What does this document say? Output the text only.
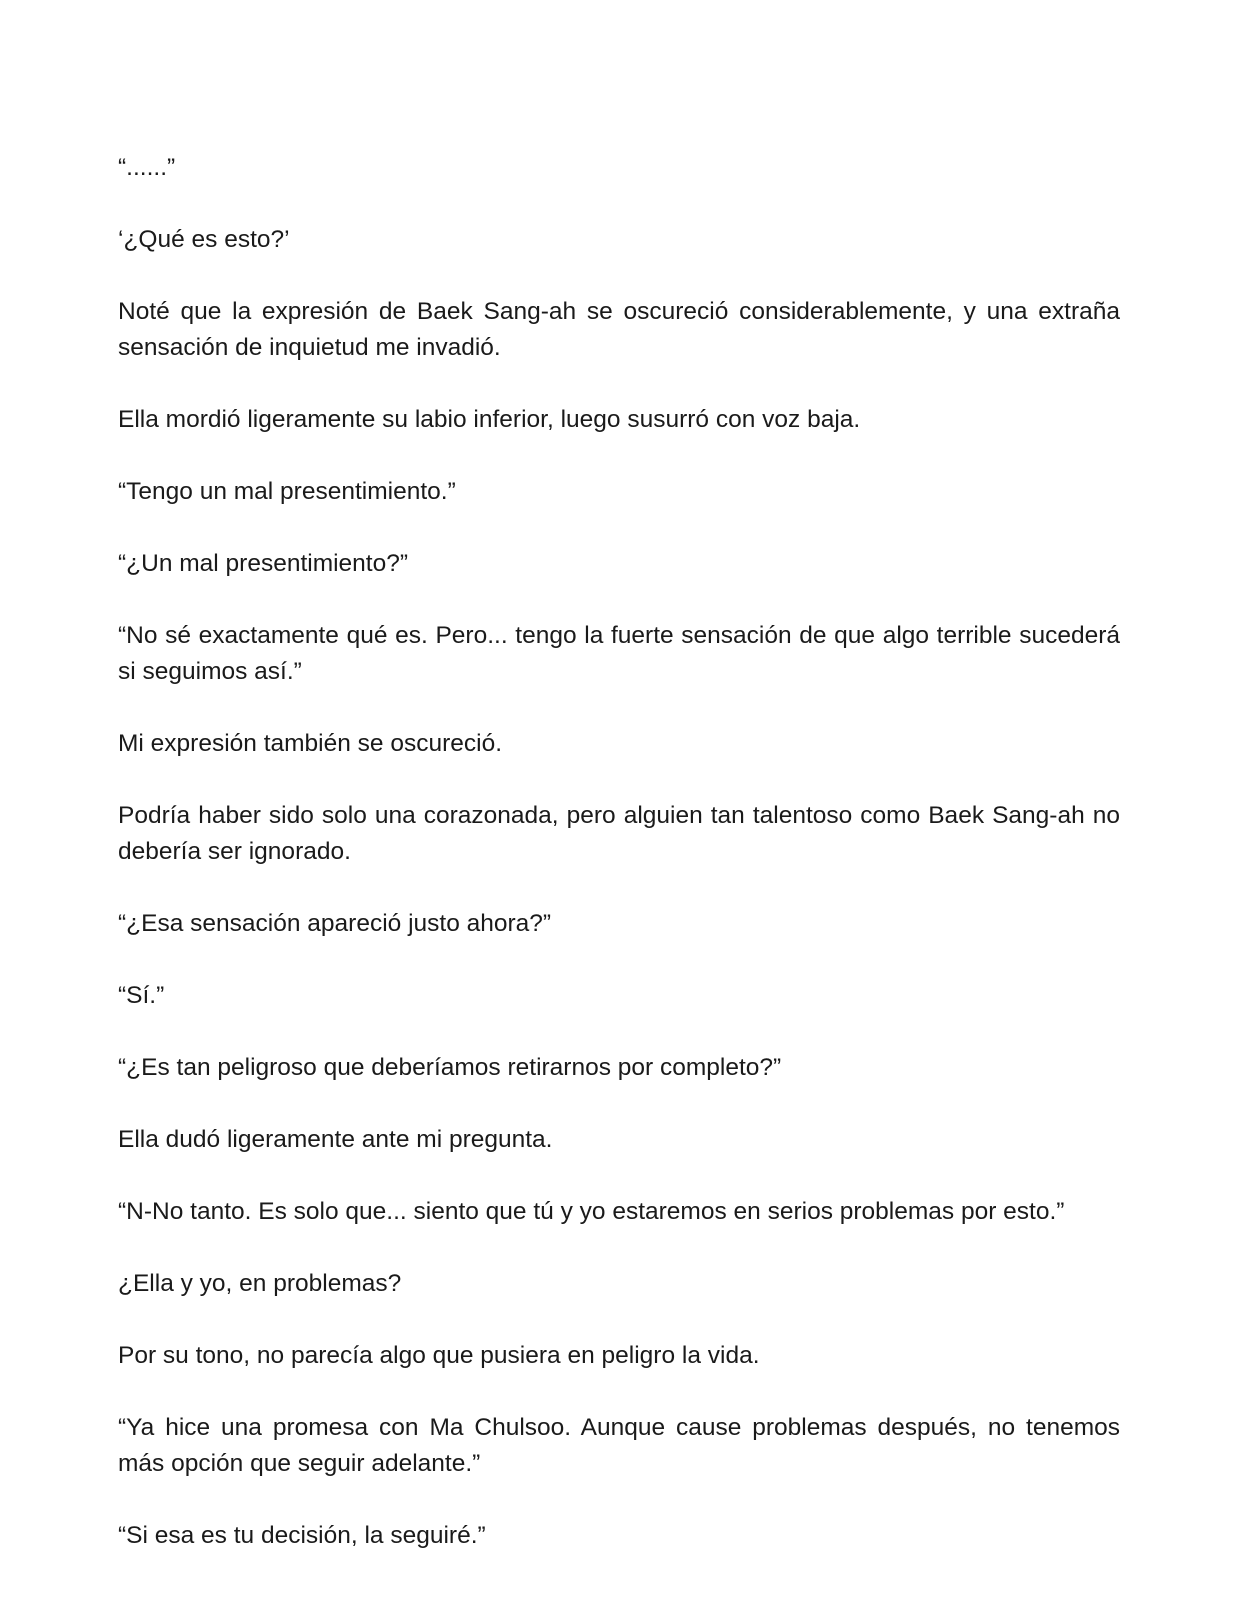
“......”

‘¿Qué es esto?’

Noté que la expresión de Baek Sang-ah se oscureció considerablemente, y una extraña sensación de inquietud me invadió.

Ella mordió ligeramente su labio inferior, luego susurró con voz baja.

“Tengo un mal presentimiento.”

“¿Un mal presentimiento?”

“No sé exactamente qué es. Pero... tengo la fuerte sensación de que algo terrible sucederá si seguimos así.”

Mi expresión también se oscureció.

Podría haber sido solo una corazonada, pero alguien tan talentoso como Baek Sang-ah no debería ser ignorado.

“¿Esa sensación apareció justo ahora?”

“Sí.”

“¿Es tan peligroso que deberíamos retirarnos por completo?”

Ella dudó ligeramente ante mi pregunta.

“N-No tanto. Es solo que... siento que tú y yo estaremos en serios problemas por esto.”

¿Ella y yo, en problemas?

Por su tono, no parecía algo que pusiera en peligro la vida.

“Ya hice una promesa con Ma Chulsoo. Aunque cause problemas después, no tenemos más opción que seguir adelante.”

“Si esa es tu decisión, la seguiré.”
